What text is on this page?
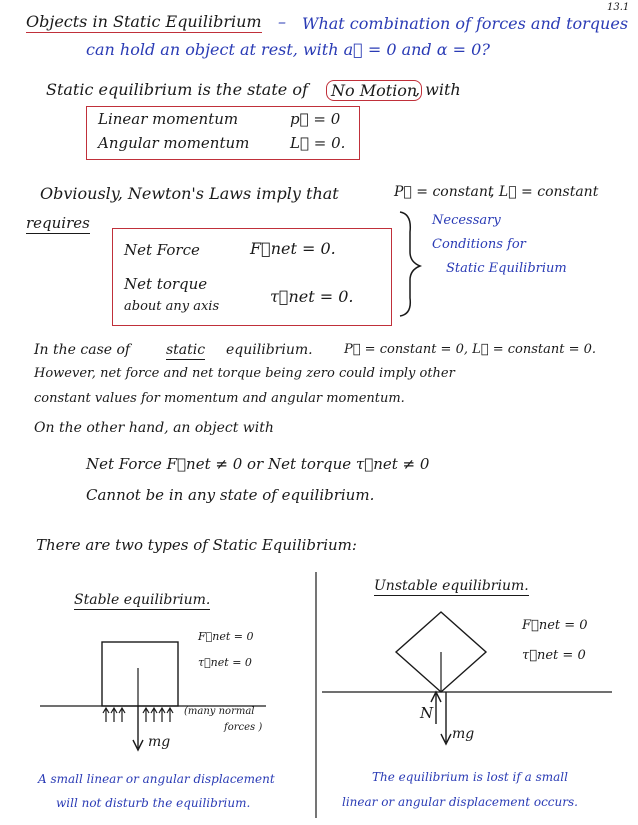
13.1
Objects in Static Equilibrium – What combination of forces and torques
can hold an object at rest, with a⃗ = 0 and α = 0?
Static equilibrium is the state of	No Motion
, with
Linear momentum	p⃗ = 0
Angular momentum	L⃗ = 0.
Obviously, Newton's Laws imply that	P⃗ = constant
, L⃗ = constant
requires
Net Force	F⃗net = 0.
Net torque
about any axis
τ⃗net = 0.
Necessary
Conditions for
Static Equilibrium
In the case of	static equilibrium. P⃗ = constant = 0, L⃗ = constant = 0.
However, net force and net torque being zero could imply other
constant values for momentum and angular momentum.
On the other hand, an object with
Net Force F⃗net ≠ 0 or Net torque τ⃗net ≠ 0
Cannot be in any state of equilibrium.
There are two types of Static Equilibrium:
Stable equilibrium.
F⃗net = 0
τ⃗net = 0
(many normal
forces )
mg
A small linear or angular displacement
will not disturb the equilibrium.
Unstable equilibrium.
F⃗net = 0
τ⃗net = 0
N
mg
The equilibrium is lost if a small
linear or angular displacement occurs.
